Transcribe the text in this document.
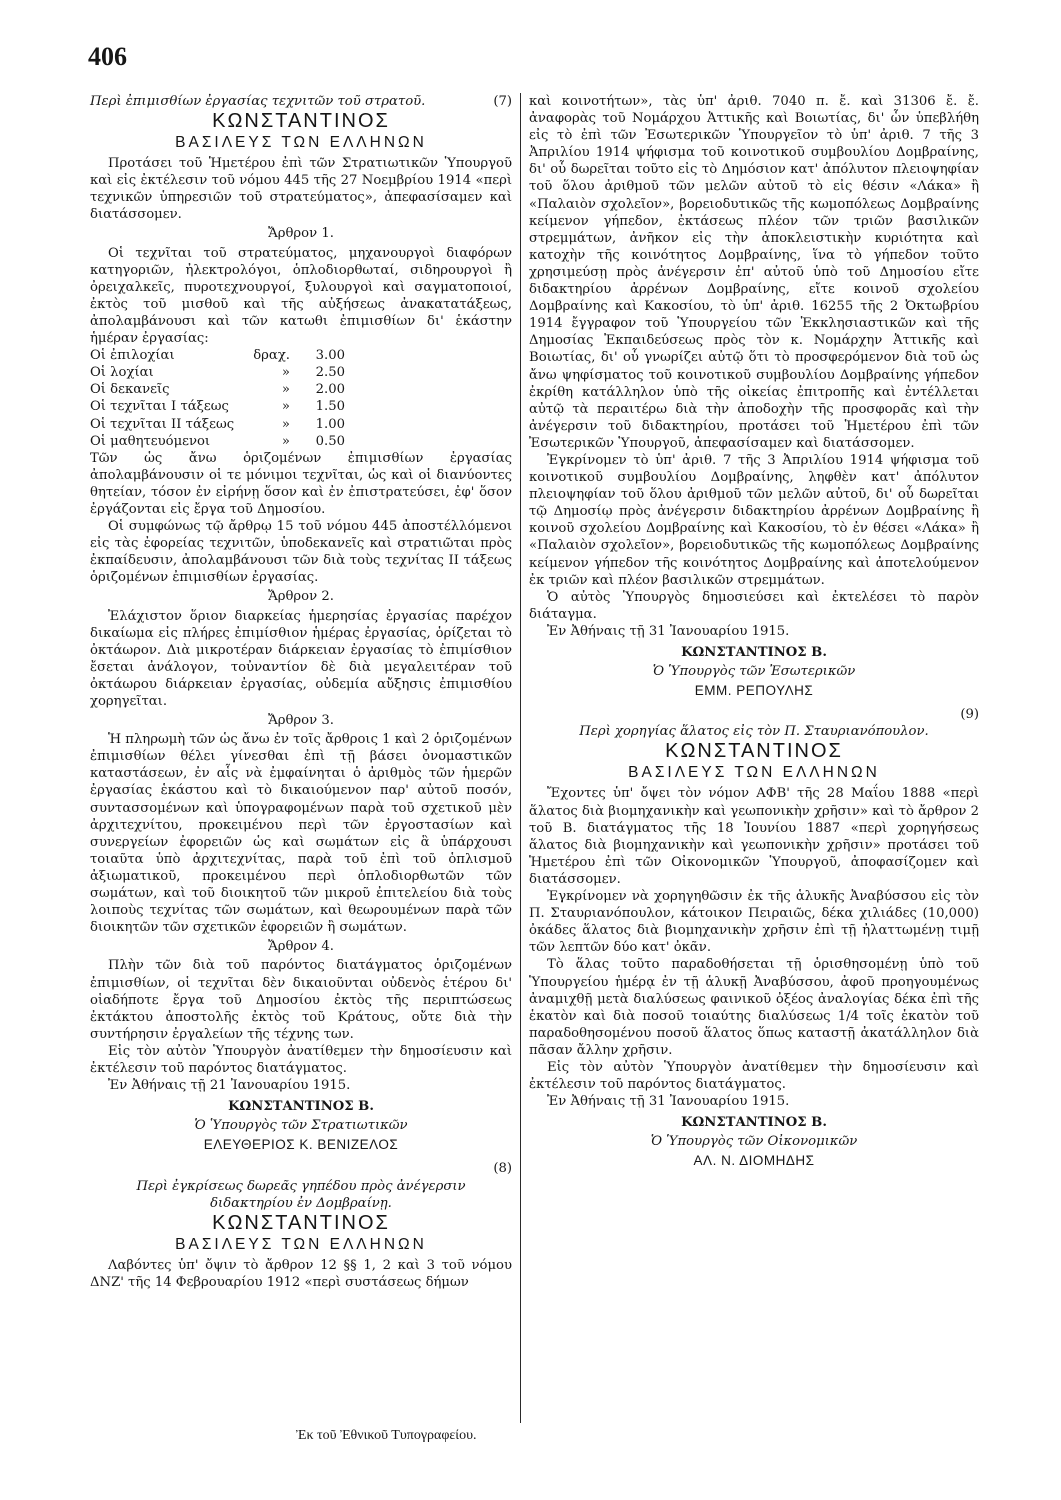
406
Περὶ ἐπιμισθίων ἐργασίας τεχνιτῶν τοῦ στρατοῦ.	(7)
ΚΩΝΣΤΑΝΤΙΝΟΣ
ΒΑΣΙΛΕΥΣ ΤΩΝ ΕΛΛΗΝΩΝ

Προτάσει τοῦ Ἡμετέρου ἐπὶ τῶν Στρατιωτικῶν Ὑπουργοῦ καὶ εἰς ἐκτέλεσιν τοῦ νόμου 445 τῆς 27 Νοεμβρίου 1914 «περὶ τεχνικῶν ὑπηρεσιῶν τοῦ στρατεύματος», ἀπεφασίσαμεν καὶ διατάσσομεν.

Ἄρθρον 1.

Οἱ τεχνῖται τοῦ στρατεύματος, μηχανουργοὶ διαφόρων κατηγοριῶν, ἠλεκτρολόγοι, ὁπλοδιορθωταί, σιδηρουργοὶ ἢ ὀρειχαλκεῖς, πυροτεχνουργοί, ξυλουργοὶ καὶ σαγματοποιοί, ἐκτὸς τοῦ μισθοῦ καὶ τῆς αὐξήσεως ἀνακατατάξεως, ἀπολαμβάνουσι καὶ τῶν κατωθι ἐπιμισθίων δι' ἑκάστην ἡμέραν ἐργασίας:

Οἱ ἐπιλοχίαι	δραχ.	3.00
Οἱ λοχίαι	»	2.50
Οἱ δεκανεῖς	»	2.00
Οἱ τεχνῖται I τάξεως	»	1.50
Οἱ τεχνῖται II τάξεως	»	1.00
Οἱ μαθητευόμενοι	»	0.50

Τῶν ὡς ἄνω ὁριζομένων ἐπιμισθίων ἐργασίας ἀπολαμβάνουσιν οἱ τε μόνιμοι τεχνῖται, ὡς καὶ οἱ διανύοντες θητείαν, τόσον ἐν εἰρήνῃ ὅσον καὶ ἐν ἐπιστρατεύσει, ἐφ' ὅσον ἐργάζονται εἰς ἔργα τοῦ Δημοσίου.

Οἱ συμφώνως τῷ ἄρθρῳ 15 τοῦ νόμου 445 ἀποστέλλόμενοι εἰς τὰς ἐφορείας τεχνιτῶν, ὑποδεκανεῖς καὶ στρατιῶται πρὸς ἐκπαίδευσιν, ἀπολαμβάνουσι τῶν διὰ τοὺς τεχνίτας II τάξεως ὁριζομένων ἐπιμισθίων ἐργασίας.

Ἄρθρον 2.

Ἐλάχιστον ὅριον διαρκείας ἡμερησίας ἐργασίας παρέχον δικαίωμα εἰς πλήρες ἐπιμίσθιον ἡμέρας ἐργασίας, ὁρίζεται τὸ ὀκτάωρον. Διὰ μικροτέραν διάρκειαν ἐργασίας τὸ ἐπιμίσθιον ἔσεται ἀνάλογον, τοὐναντίον δὲ διὰ μεγαλειτέραν τοῦ ὀκτάωρου διάρκειαν ἐργασίας, οὐδεμία αὔξησις ἐπιμισθίου χορηγεῖται.

Ἄρθρον 3.

Ἡ πληρωμὴ τῶν ὡς ἄνω ἐν τοῖς ἄρθροις 1 καὶ 2 ὁριζομένων ἐπιμισθίων θέλει γίνεσθαι ἐπὶ τῇ βάσει ὀνομαστικῶν καταστάσεων, ἐν αἷς νὰ ἐμφαίνηται ὁ ἀριθμὸς τῶν ἡμερῶν ἐργασίας ἑκάστου καὶ τὸ δικαιούμενον παρ' αὐτοῦ ποσόν, συντασσομένων καὶ ὑπογραφομένων παρὰ τοῦ σχετικοῦ μὲν ἀρχιτεχνίτου, προκειμένου περὶ τῶν ἐργοστασίων καὶ συνεργείων ἐφορειῶν ὡς καὶ σωμάτων εἰς ἃ ὑπάρχουσι τοιαῦτα ὑπὸ ἀρχιτεχνίτας, παρὰ τοῦ ἐπὶ τοῦ ὁπλισμοῦ ἀξιωματικοῦ, προκειμένου περὶ ὁπλοδιορθωτῶν τῶν σωμάτων, καὶ τοῦ διοικητοῦ τῶν μικροῦ ἐπιτελείου διὰ τοὺς λοιποὺς τεχνίτας τῶν σωμάτων, καὶ θεωρουμένων παρὰ τῶν διοικητῶν τῶν σχετικῶν ἐφορειῶν ἢ σωμάτων.

Ἄρθρον 4.

Πλὴν τῶν διὰ τοῦ παρόντος διατάγματος ὁριζομένων ἐπιμισθίων, οἱ τεχνῖται δὲν δικαιοῦνται οὐδενὸς ἑτέρου δι' οἱαδήποτε ἔργα τοῦ Δημοσίου ἐκτὸς τῆς περιπτώσεως ἐκτάκτου ἀποστολῆς ἐκτὸς τοῦ Κράτους, οὔτε διὰ τὴν συντήρησιν ἐργαλείων τῆς τέχνης των.

Εἰς τὸν αὐτὸν Ὑπουργὸν ἀνατίθεμεν τὴν δημοσίευσιν καὶ ἐκτέλεσιν τοῦ παρόντος διατάγματος.

Ἐν Ἀθήναις τῇ 21 Ἰανουαρίου 1915.

ΚΩΝΣΤΑΝΤΙΝΟΣ Β.
Ὁ Ὑπουργὸς τῶν Στρατιωτικῶν
ΕΛΕΥΘΕΡΙΟΣ Κ. ΒΕΝΙΖΕΛΟΣ
(8)
Περὶ ἐγκρίσεως δωρεᾶς γηπέδου πρὸς ἀνέγερσιν
διδακτηρίου ἐν Δομβραίνῃ.
ΚΩΝΣΤΑΝΤΙΝΟΣ
ΒΑΣΙΛΕΥΣ ΤΩΝ ΕΛΛΗΝΩΝ

Λαβόντες ὑπ' ὄψιν τὸ ἄρθρον 12 §§ 1, 2 καὶ 3 τοῦ νόμου ΔΝΖ' τῆς 14 Φεβρουαρίου 1912 «περὶ συστάσεως δήμων

καὶ κοινοτήτων», τὰς ὑπ' ἀριθ. 7040 π. ἔ. καὶ 31306 ἔ. ἔ. ἀναφορὰς τοῦ Νομάρχου Ἀττικῆς καὶ Βοιωτίας, δι' ὧν ὑπεβλήθη εἰς τὸ ἐπὶ τῶν Ἐσωτερικῶν Ὑπουργεῖον τὸ ὑπ' ἀριθ. 7 τῆς 3 Ἀπριλίου 1914 ψήφισμα τοῦ κοινοτικοῦ συμβουλίου Δομβραίνης, δι' οὗ δωρεῖται τοῦτο εἰς τὸ Δημόσιον κατ' ἀπόλυτον πλειοψηφίαν τοῦ ὅλου ἀριθμοῦ τῶν μελῶν αὐτοῦ τὸ εἰς θέσιν «Λάκα» ἢ «Παλαιὸν σχολεῖον», βορειοδυτικῶς τῆς κωμοπόλεως Δομβραίνης κείμενον γήπεδον, ἐκτάσεως πλέον τῶν τριῶν βασιλικῶν στρεμμάτων, ἀνῆκον εἰς τὴν ἀποκλειστικὴν κυριότητα καὶ κατοχὴν τῆς κοινότητος Δομβραίνης, ἵνα τὸ γήπεδον τοῦτο χρησιμεύσῃ πρὸς ἀνέγερσιν ἐπ' αὐτοῦ ὑπὸ τοῦ Δημοσίου εἴτε διδακτηρίου ἀρρένων Δομβραίνης, εἴτε κοινοῦ σχολείου Δομβραίνης καὶ Κακοσίου, τὸ ὑπ' ἀριθ. 16255 τῆς 2 Ὀκτωβρίου 1914 ἔγγραφον τοῦ Ὑπουργείου τῶν Ἐκκλησιαστικῶν καὶ τῆς Δημοσίας Ἐκπαιδεύσεως πρὸς τὸν κ. Νομάρχην Ἀττικῆς καὶ Βοιωτίας, δι' οὗ γνωρίζει αὐτῷ ὅτι τὸ προσφερόμενον διὰ τοῦ ὡς ἄνω ψηφίσματος τοῦ κοινοτικοῦ συμβουλίου Δομβραίνης γήπεδον ἐκρίθη κατάλληλον ὑπὸ τῆς οἰκείας ἐπιτροπῆς καὶ ἐντέλλεται αὐτῷ τὰ περαιτέρω διὰ τὴν ἀποδοχὴν τῆς προσφορᾶς καὶ τὴν ἀνέγερσιν τοῦ διδακτηρίου, προτάσει τοῦ Ἡμετέρου ἐπὶ τῶν Ἐσωτερικῶν Ὑπουργοῦ, ἀπεφασίσαμεν καὶ διατάσσομεν.

Ἐγκρίνομεν τὸ ὑπ' ἀριθ. 7 τῆς 3 Ἀπριλίου 1914 ψήφισμα τοῦ κοινοτικοῦ συμβουλίου Δομβραίνης, ληφθὲν κατ' ἀπόλυτον πλειοψηφίαν τοῦ ὅλου ἀριθμοῦ τῶν μελῶν αὐτοῦ, δι' οὗ δωρεῖται τῷ Δημοσίῳ πρὸς ἀνέγερσιν διδακτηρίου ἀρρένων Δομβραίνης ἢ κοινοῦ σχολείου Δομβραίνης καὶ Κακοσίου, τὸ ἐν θέσει «Λάκα» ἢ «Παλαιὸν σχολεῖον», βορειοδυτικῶς τῆς κωμοπόλεως Δομβραίνης κείμενον γήπεδον τῆς κοινότητος Δομβραίνης καὶ ἀποτελούμενον ἐκ τριῶν καὶ πλέον βασιλικῶν στρεμμάτων.

Ὁ αὐτὸς Ὑπουργὸς δημοσιεύσει καὶ ἐκτελέσει τὸ παρὸν διάταγμα.

Ἐν Ἀθήναις τῇ 31 Ἰανουαρίου 1915.

ΚΩΝΣΤΑΝΤΙΝΟΣ Β.
Ὁ Ὑπουργὸς τῶν Ἐσωτερικῶν
ΕΜΜ. ΡΕΠΟΥΛΗΣ
(9)
Περὶ χορηγίας ἅλατος εἰς τὸν Π. Σταυριανόπουλον.
ΚΩΝΣΤΑΝΤΙΝΟΣ
ΒΑΣΙΛΕΥΣ ΤΩΝ ΕΛΛΗΝΩΝ

Ἔχοντες ὑπ' ὄψει τὸν νόμον ΑΦΒ' τῆς 28 Μαΐου 1888 «περὶ ἅλατος διὰ βιομηχανικὴν καὶ γεωπονικὴν χρῆσιν» καὶ τὸ ἄρθρον 2 τοῦ Β. διατάγματος τῆς 18 Ἰουνίου 1887 «περὶ χορηγήσεως ἅλατος διὰ βιομηχανικὴν καὶ γεωπονικὴν χρῆσιν» προτάσει τοῦ Ἡμετέρου ἐπὶ τῶν Οἰκονομικῶν Ὑπουργοῦ, ἀποφασίζομεν καὶ διατάσσομεν.

Ἐγκρίνομεν νὰ χορηγηθῶσιν ἐκ τῆς ἁλυκῆς Ἀναβύσσου εἰς τὸν Π. Σταυριανόπουλον, κάτοικον Πειραιῶς, δέκα χιλιάδες (10,000) ὀκάδες ἅλατος διὰ βιομηχανικὴν χρῆσιν ἐπὶ τῇ ἠλαττωμένῃ τιμῇ τῶν λεπτῶν δύο κατ' ὀκᾶν.

Τὸ ἅλας τοῦτο παραδοθήσεται τῇ ὁρισθησομένῃ ὑπὸ τοῦ Ὑπουργείου ἡμέρᾳ ἐν τῇ ἁλυκῇ Ἀναβύσσου, ἀφοῦ προηγουμένως ἀναμιχθῇ μετὰ διαλύσεως φαινικοῦ ὀξέος ἀναλογίας δέκα ἐπὶ τῆς ἑκατὸν καὶ διὰ ποσοῦ τοιαύτης διαλύσεως 1/4 τοῖς ἑκατὸν τοῦ παραδοθησομένου ποσοῦ ἅλατος ὅπως καταστῇ ἀκατάλληλον διὰ πᾶσαν ἄλλην χρῆσιν.

Εἰς τὸν αὐτὸν Ὑπουργὸν ἀνατίθεμεν τὴν δημοσίευσιν καὶ ἐκτέλεσιν τοῦ παρόντος διατάγματος.

Ἐν Ἀθήναις τῇ 31 Ἰανουαρίου 1915.

ΚΩΝΣΤΑΝΤΙΝΟΣ Β.
Ὁ Ὑπουργὸς τῶν Οἰκονομικῶν
ΑΛ. Ν. ΔΙΟΜΗΔΗΣ
Ἐκ τοῦ Ἐθνικοῦ Τυπογραφείου.
